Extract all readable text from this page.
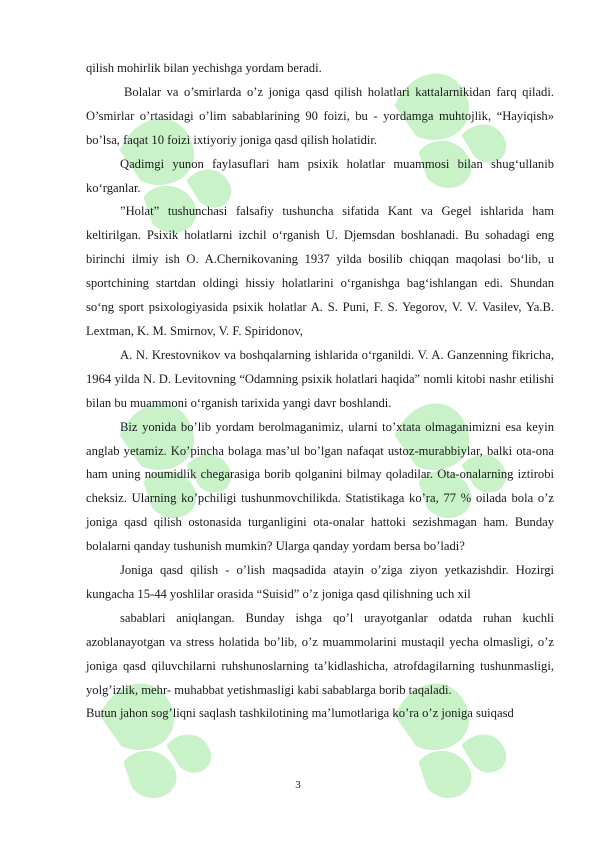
qilish mohirlik bilan yechishga yordam beradi.

Bolalar va o’smirlarda o’z joniga qasd qilish holatlari kattalarnikidan farq qiladi. O’smirlar o’rtasidagi o’lim sabablarining 90 foizi, bu - yordamga muhtojlik, “Hayiqish» bo’lsa, faqat 10 foizi ixtiyoriy joniga qasd qilish holatidir.

Qadimgi yunon faylasuflari ham psixik holatlar muammosi bilan shug‘ullanib ko‘rganlar.

”Holat” tushunchasi falsafiy tushuncha sifatida Kant va Gegel ishlarida ham keltirilgan. Psixik holatlarni izchil o‘rganish U. Djemsdan boshlanadi. Bu sohadagi eng birinchi ilmiy ish O. A.Chernikovaning 1937 yilda bosilib chiqqan maqolasi bo‘lib, u sportchining startdan oldingi hissiy holatlarini o‘rganishga bag‘ishlangan edi. Shundan so‘ng sport psixologiyasida psixik holatlar A. S. Puni, F. S. Yegorov, V. V. Vasilev, Ya.B. Lextman, K. M. Smirnov, V. F. Spiridonov,

A. N. Krestovnikov va boshqalarning ishlarida o‘rganildi. V. A. Ganzenning fikricha, 1964 yilda N. D. Levitovning “Odamning psixik holatlari haqida” nomli kitobi nashr etilishi bilan bu muammoni o‘rganish tarixida yangi davr boshlandi.

Biz yonida bo’lib yordam berolmaganimiz, ularni to’xtata olmaganimizni esa keyin anglab yetamiz. Ko’pincha bolaga mas’ul bo’lgan nafaqat ustoz-murabbiylar, balki ota-ona ham uning noumidlik chegarasiga borib qolganini bilmay qoladilar. Ota-onalarning iztirobi cheksiz. Ularning ko’pchiligi tushunmovchilikda. Statistikaga ko’ra, 77 % oilada bola o’z joniga qasd qilish ostonasida turganligini ota-onalar hattoki sezishmagan ham. Bunday bolalarni qanday tushunish mumkin? Ularga qanday yordam bersa bo’ladi?

Joniga qasd qilish - o’lish maqsadida atayin o’ziga ziyon yetkazishdir. Hozirgi kungacha 15-44 yoshlilar orasida “Suisid” o’z joniga qasd qilishning uch xil

sabablari aniqlangan. Bunday ishga qo’l urayotganlar odatda ruhan kuchli azoblanayotgan va stress holatida bo’lib, o’z muammolarini mustaqil yecha olmasligi, o’z joniga qasd qiluvchilarni ruhshunoslarning ta’kidlashicha, atrofdagilarning tushunmasligi, yolg’izlik, mehr- muhabbat yetishmasligi kabi sabablarga borib taqaladi.

Butun jahon sog’liqni saqlash tashkilotining ma’lumotlariga ko’ra o’z joniga suiqasd

3
